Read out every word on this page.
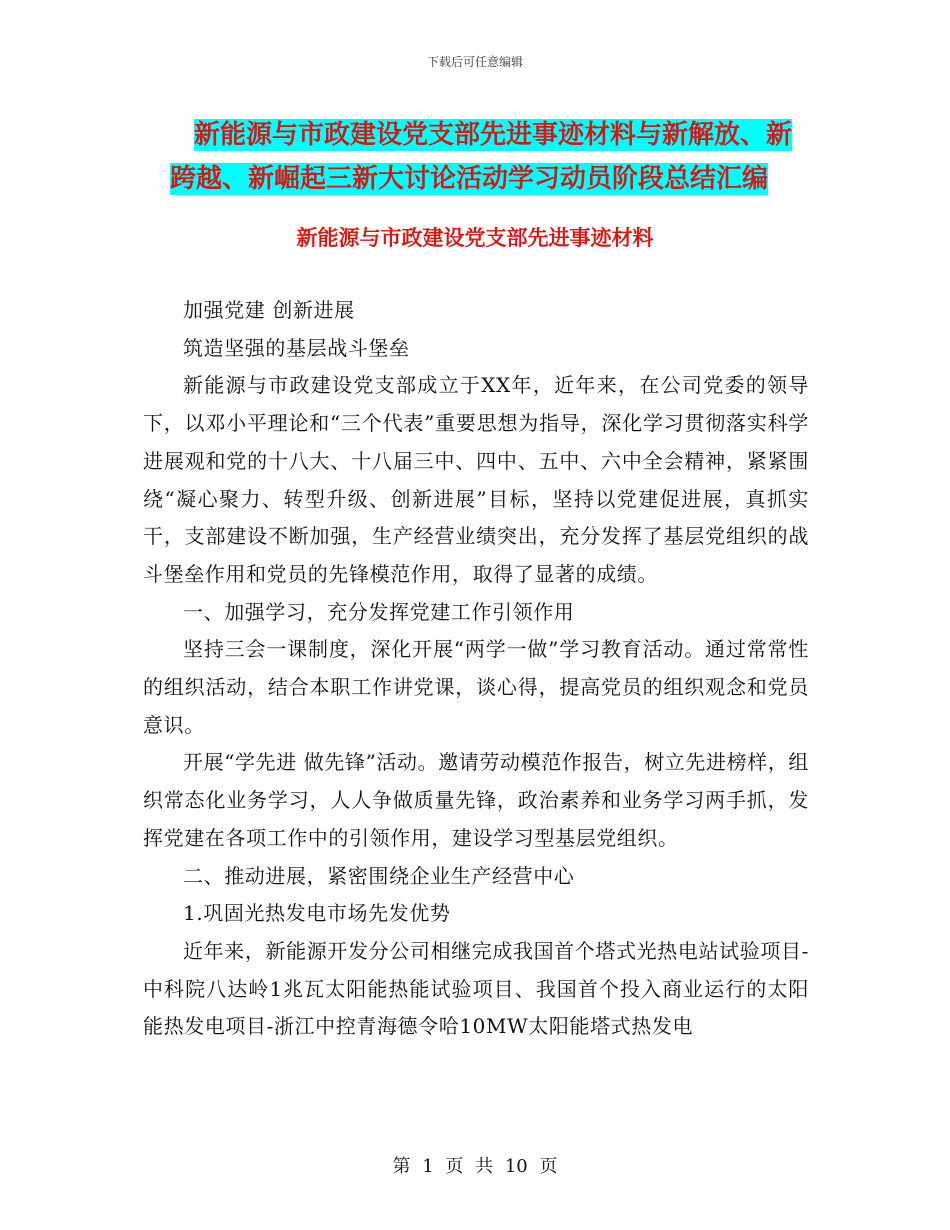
下载后可任意编辑
新能源与市政建设党支部先进事迹材料与新解放、新
跨越、新崛起三新大讨论活动学习动员阶段总结汇编
新能源与市政建设党支部先进事迹材料

加强党建 创新进展

筑造坚强的基层战斗堡垒

新能源与市政建设党支部成立于XX年，近年来，在公司党委的领导下，以邓小平理论和“三个代表”重要思想为指导，深化学习贯彻落实科学进展观和党的十八大、十八届三中、四中、五中、六中全会精神，紧紧围绕“凝心聚力、转型升级、创新进展”目标，坚持以党建促进展，真抓实干，支部建设不断加强，生产经营业绩突出，充分发挥了基层党组织的战斗堡垒作用和党员的先锋模范作用，取得了显著的成绩。

一、加强学习，充分发挥党建工作引领作用

坚持三会一课制度，深化开展“两学一做”学习教育活动。通过常常性的组织活动，结合本职工作讲党课，谈心得，提高党员的组织观念和党员意识。

开展“学先进 做先锋”活动。邀请劳动模范作报告，树立先进榜样，组织常态化业务学习，人人争做质量先锋，政治素养和业务学习两手抓，发挥党建在各项工作中的引领作用，建设学习型基层党组织。

二、推动进展，紧密围绕企业生产经营中心

1.巩固光热发电市场先发优势

近年来，新能源开发分公司相继完成我国首个塔式光热电站试验项目-中科院八达岭1兆瓦太阳能热能试验项目、我国首个投入商业运行的太阳能热发电项目-浙江中控青海德令哈10MW太阳能塔式热发电

第 1 页 共 10 页
